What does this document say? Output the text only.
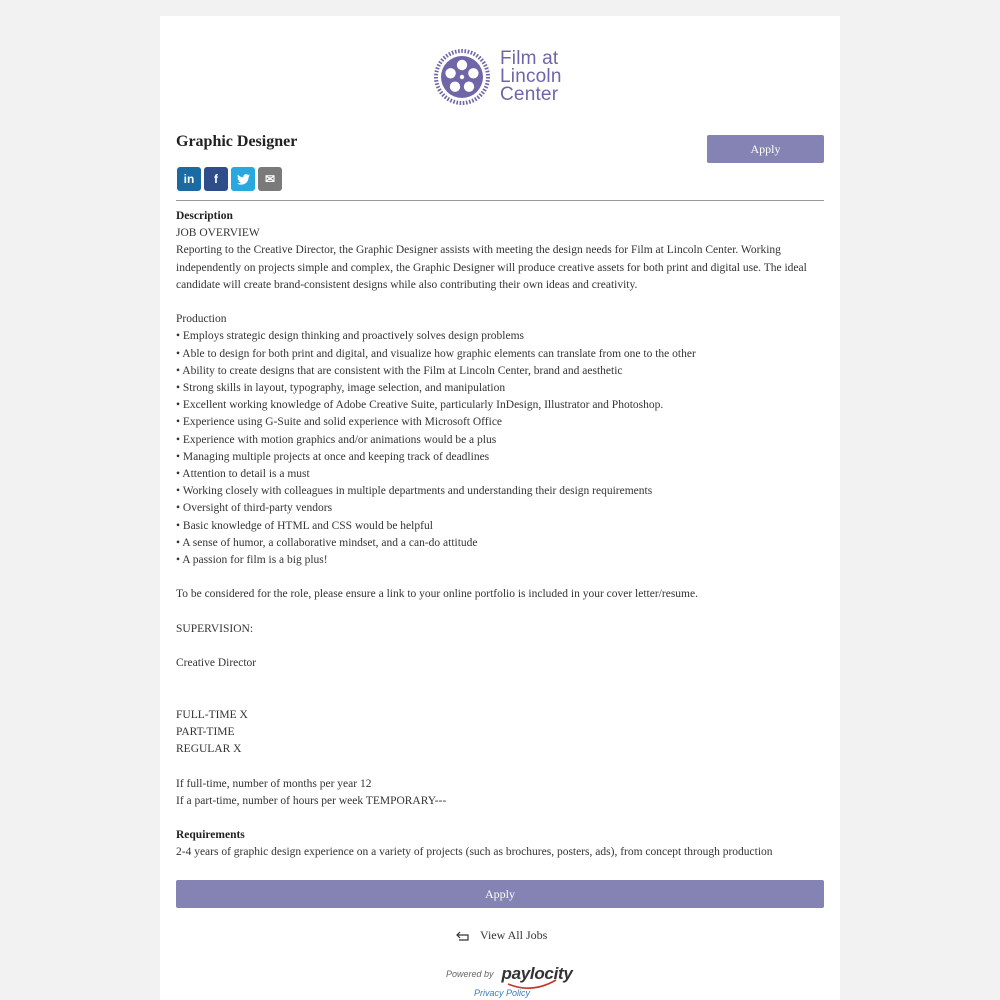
Film at
Lincoln
Center
Graphic Designer	Apply
in f	✉

Description

JOB OVERVIEW

Reporting to the Creative Director, the Graphic Designer assists with meeting the design needs for Film at Lincoln Center. Working independently on projects simple and complex, the Graphic Designer will produce creative assets for both print and digital use. The ideal candidate will create brand-consistent designs while also contributing their own ideas and creativity.

Production

• Employs strategic design thinking and proactively solves design problems

• Able to design for both print and digital, and visualize how graphic elements can translate from one to the other

• Ability to create designs that are consistent with the Film at Lincoln Center, brand and aesthetic

• Strong skills in layout, typography, image selection, and manipulation

• Excellent working knowledge of Adobe Creative Suite, particularly InDesign, Illustrator and Photoshop.

• Experience using G-Suite and solid experience with Microsoft Office

• Experience with motion graphics and/or animations would be a plus

• Managing multiple projects at once and keeping track of deadlines

• Attention to detail is a must

• Working closely with colleagues in multiple departments and understanding their design requirements

• Oversight of third-party vendors

• Basic knowledge of HTML and CSS would be helpful

• A sense of humor, a collaborative mindset, and a can-do attitude

• A passion for film is a big plus!

To be considered for the role, please ensure a link to your online portfolio is included in your cover letter/resume.

SUPERVISION:

Creative Director

FULL-TIME X

PART-TIME

REGULAR X

If full-time, number of months per year 12

If a part-time, number of hours per week TEMPORARY---

Requirements

2-4 years of graphic design experience on a variety of projects (such as brochures, posters, ads), from concept through production

Apply
View All Jobs
Powered by paylocity
Privacy Policy
